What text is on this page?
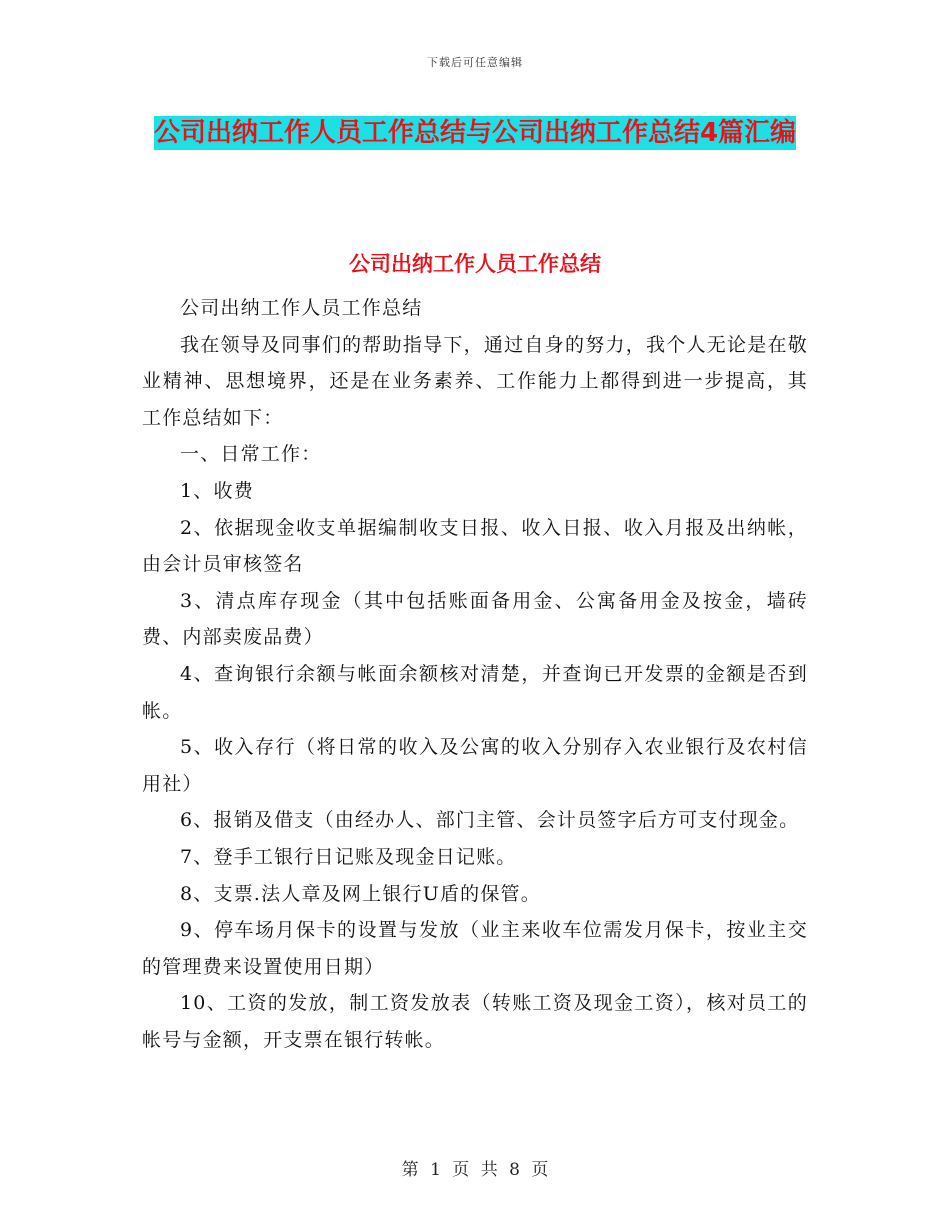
下载后可任意编辑
公司出纳工作人员工作总结与公司出纳工作总结4篇汇编
公司出纳工作人员工作总结

公司出纳工作人员工作总结

我在领导及同事们的帮助指导下，通过自身的努力，我个人无论是在敬业精神、思想境界，还是在业务素养、工作能力上都得到进一步提高，其工作总结如下：

一、日常工作：

1、收费

2、依据现金收支单据编制收支日报、收入日报、收入月报及出纳帐，由会计员审核签名

3、清点库存现金（其中包括账面备用金、公寓备用金及按金，墙砖费、内部卖废品费）

4、查询银行余额与帐面余额核对清楚，并查询已开发票的金额是否到帐。

5、收入存行（将日常的收入及公寓的收入分别存入农业银行及农村信用社）

6、报销及借支（由经办人、部门主管、会计员签字后方可支付现金。

7、登手工银行日记账及现金日记账。

8、支票.法人章及网上银行U盾的保管。

9、停车场月保卡的设置与发放（业主来收车位需发月保卡，按业主交的管理费来设置使用日期）

10、工资的发放，制工资发放表（转账工资及现金工资），核对员工的帐号与金额，开支票在银行转帐。

第 1 页 共 8 页
